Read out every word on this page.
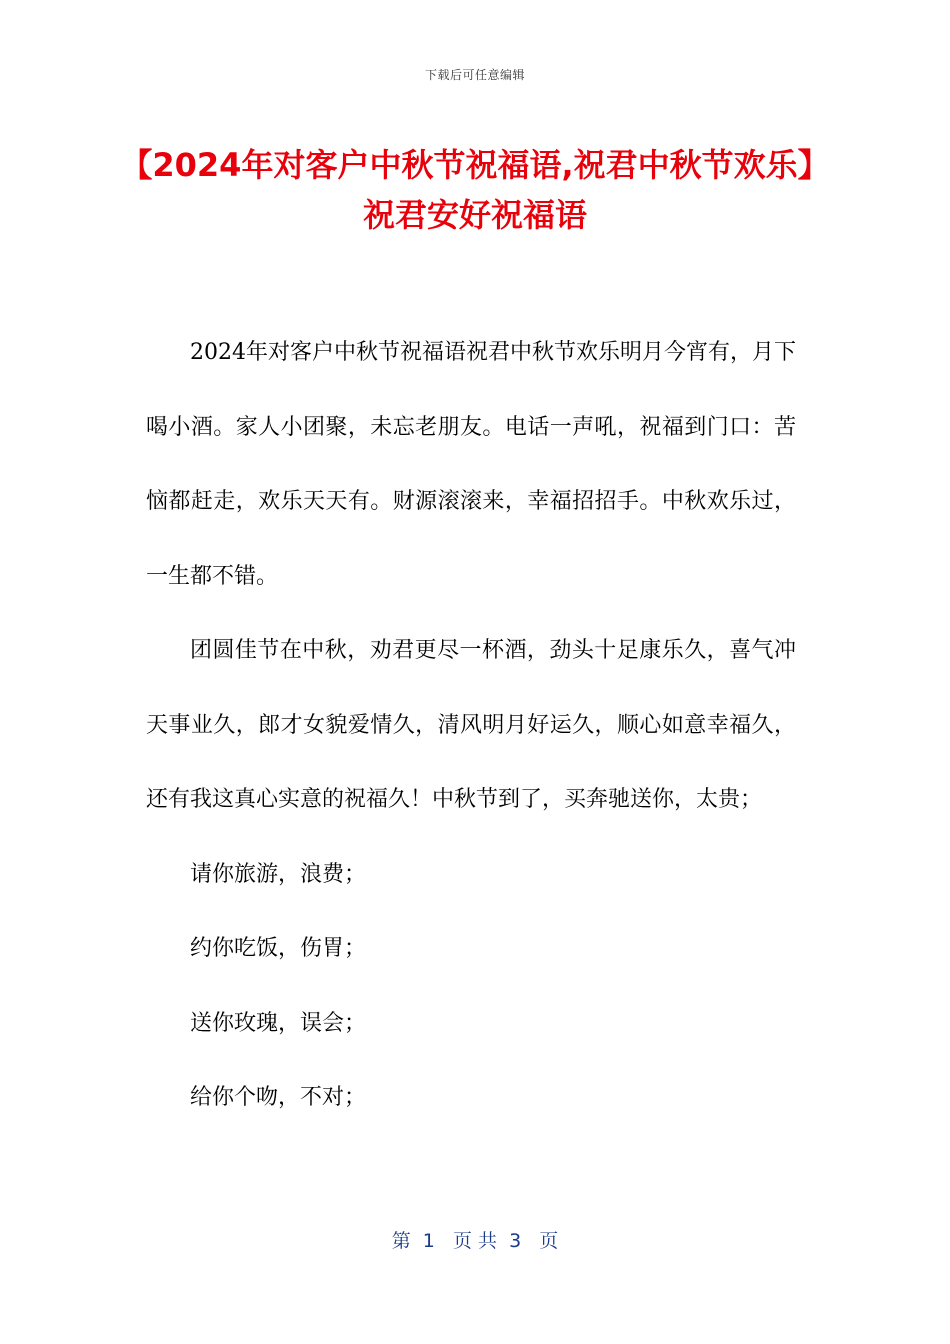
下载后可任意编辑
【2024年对客户中秋节祝福语,祝君中秋节欢乐】 祝君安好祝福语

2024年对客户中秋节祝福语祝君中秋节欢乐明月今宵有，月下喝小酒。家人小团聚，未忘老朋友。电话一声吼，祝福到门口：苦恼都赶走，欢乐天天有。财源滚滚来，幸福招招手。中秋欢乐过，一生都不错。

团圆佳节在中秋，劝君更尽一杯酒，劲头十足康乐久，喜气冲天事业久，郎才女貌爱情久，清风明月好运久，顺心如意幸福久，还有我这真心实意的祝福久！中秋节到了，买奔驰送你，太贵；

请你旅游，浪费；

约你吃饭，伤胃；

送你玫瑰，误会；

给你个吻，不对；

第  1   页 共  3   页
